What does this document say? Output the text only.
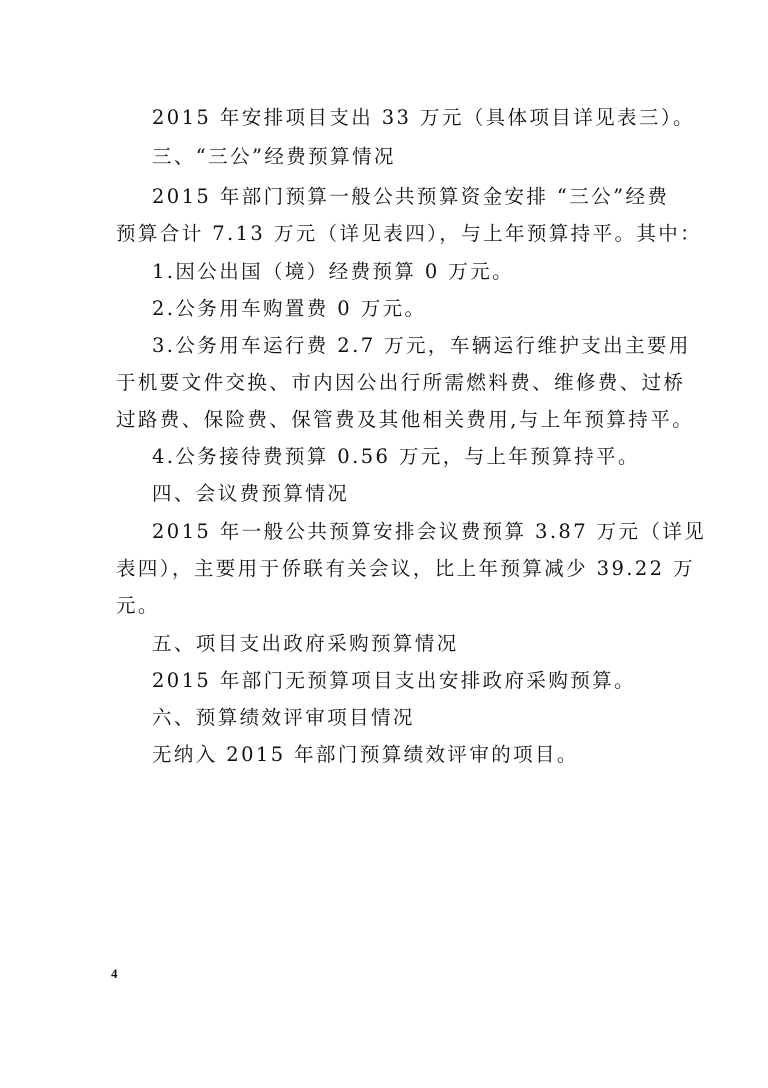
2015 年安排项目支出 33 万元（具体项目详见表三）。
三、“三公”经费预算情况
2015 年部门预算一般公共预算资金安排 “三公”经费
预算合计 7.13 万元（详见表四），与上年预算持平。其中：
1.因公出国（境）经费预算 0 万元。
2.公务用车购置费 0 万元。
3.公务用车运行费 2.7 万元，车辆运行维护支出主要用
于机要文件交换、市内因公出行所需燃料费、维修费、过桥
过路费、保险费、保管费及其他相关费用,与上年预算持平。
4.公务接待费预算 0.56 万元，与上年预算持平。
四、会议费预算情况
2015 年一般公共预算安排会议费预算 3.87 万元（详见
表四），主要用于侨联有关会议，比上年预算减少 39.22 万
元。
五、项目支出政府采购预算情况
2015 年部门无预算项目支出安排政府采购预算。
六、预算绩效评审项目情况
无纳入 2015 年部门预算绩效评审的项目。
4
